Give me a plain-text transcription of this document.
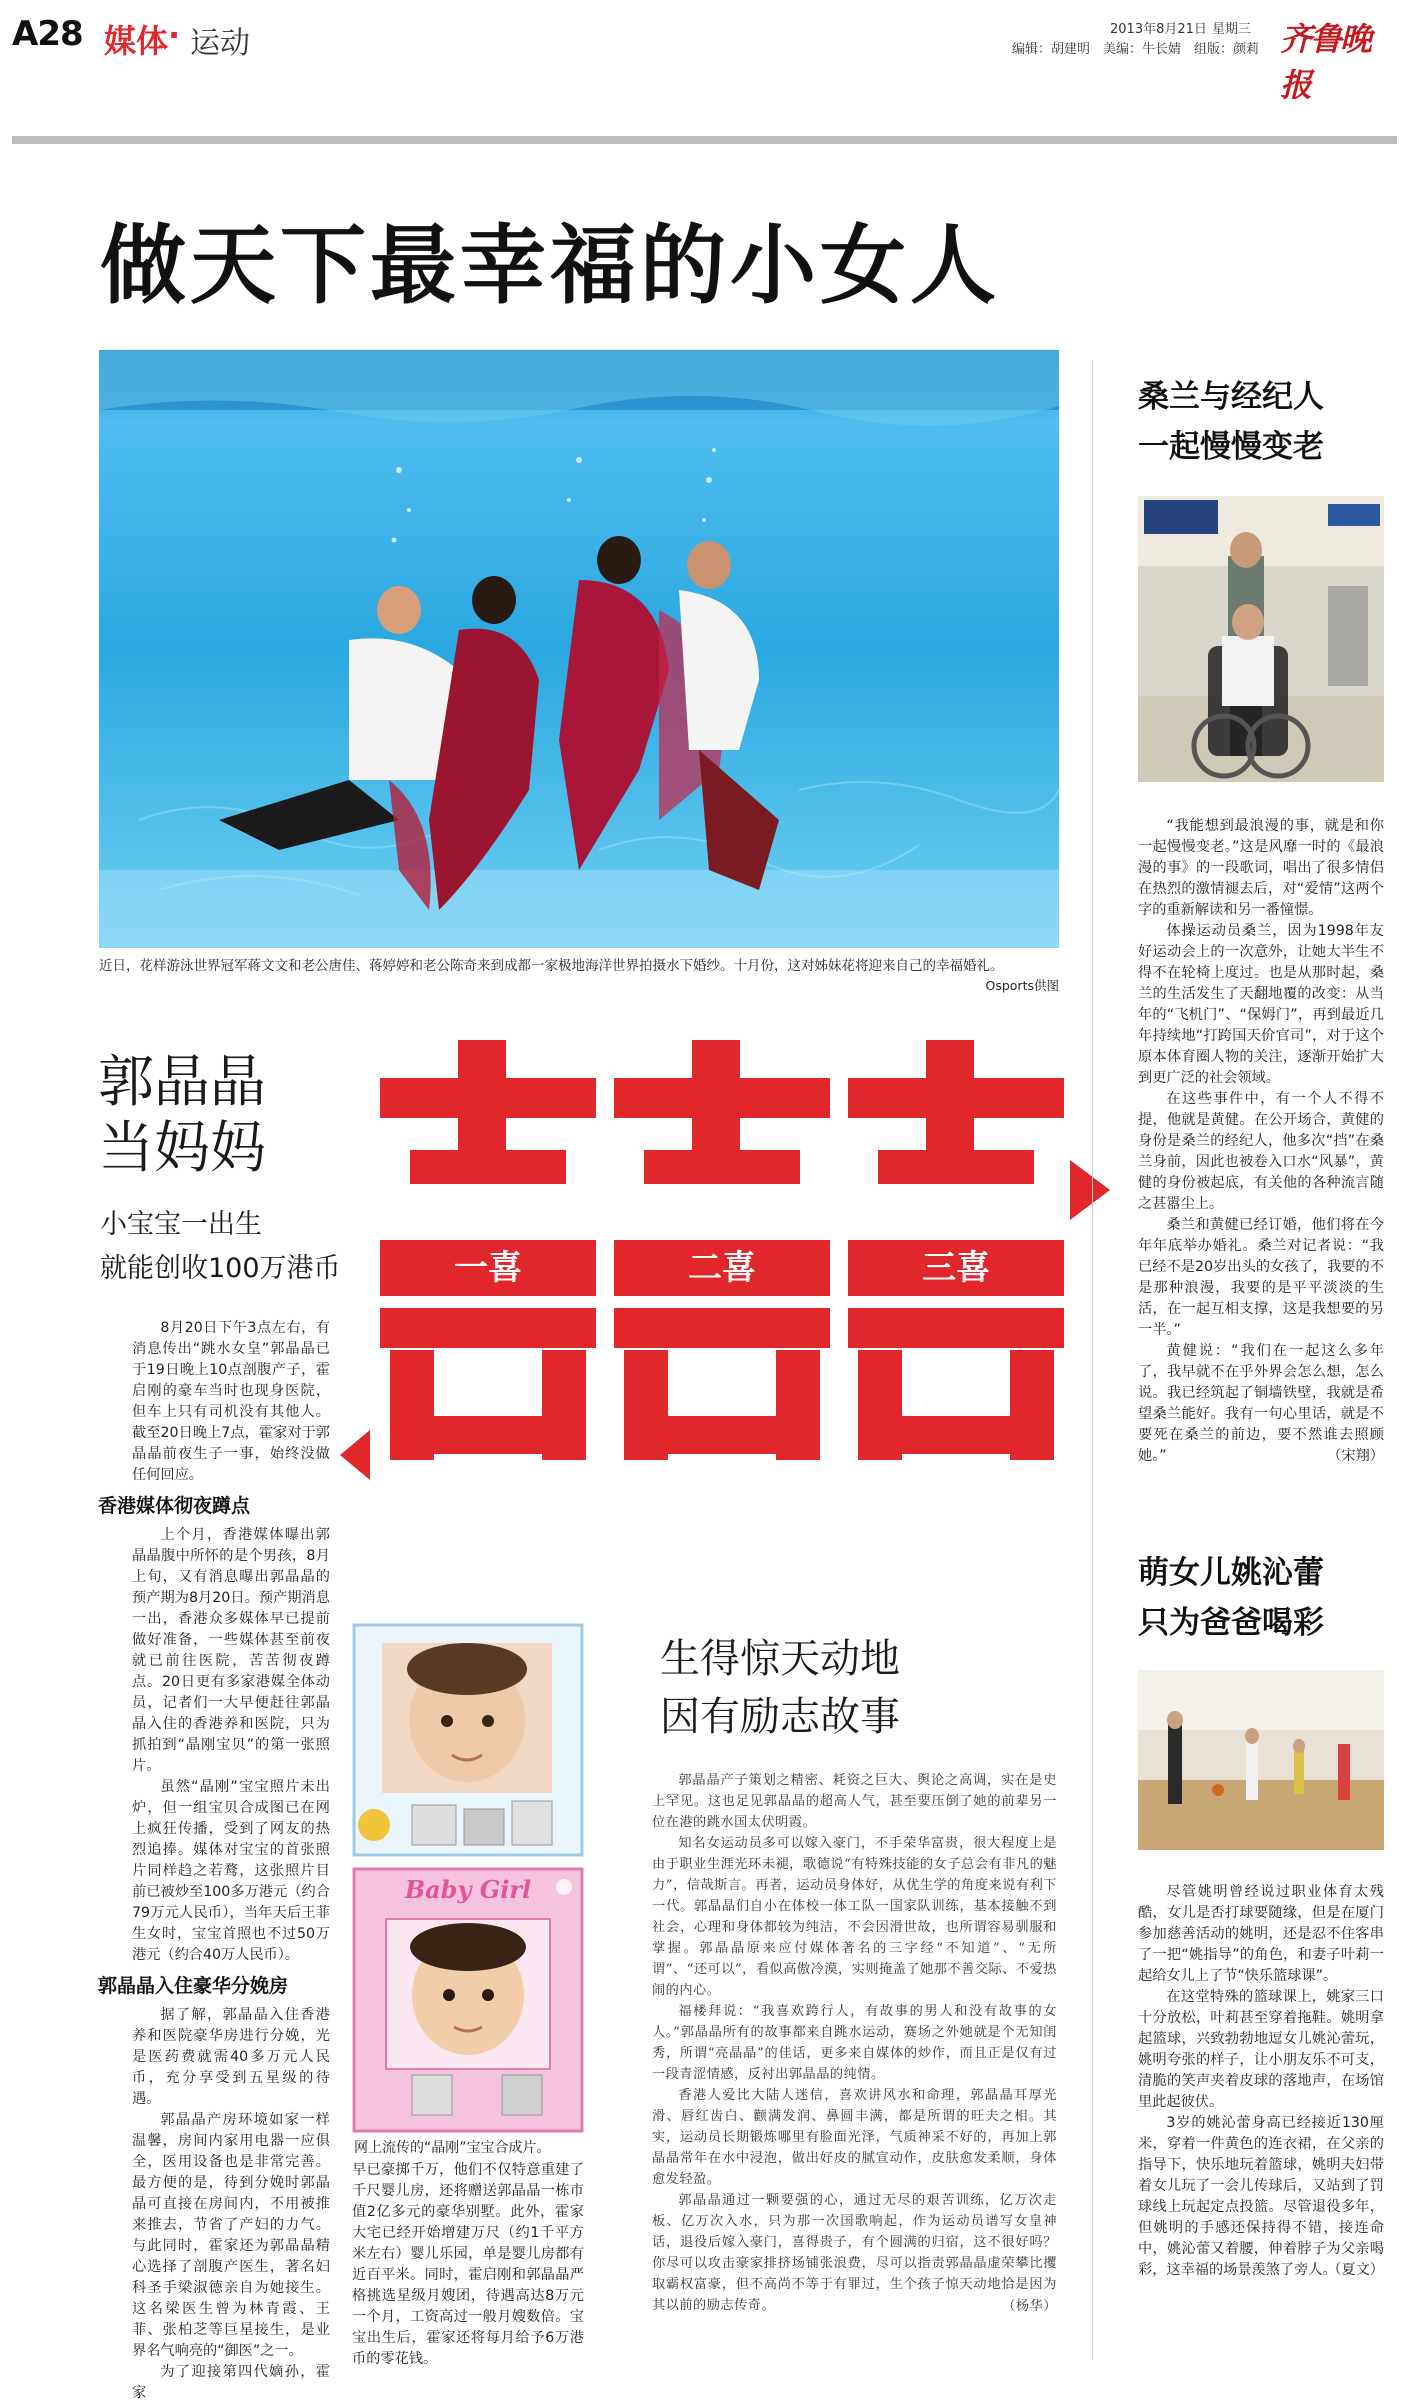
A28 媒体 · 运动	2013年8月21日 星期三
编辑：胡建明　美编：牛长婧　组版：颜莉 齐鲁晚报
做天下最幸福的小女人
近日，花样游泳世界冠军蒋文文和老公唐佳、蒋婷婷和老公陈奇来到成都一家极地海洋世界拍摄水下婚纱。十月份，这对姊妹花将迎来自己的幸福婚礼。
Osports供图
郭晶晶
当妈妈
小宝宝一出生
就能创收100万港币

8月20日下午3点左右，有消息传出“跳水女皇”郭晶晶已于19日晚上10点剖腹产子，霍启刚的豪车当时也现身医院，但车上只有司机没有其他人。截至20日晚上7点，霍家对于郭晶晶前夜生子一事，始终没做任何回应。

香港媒体彻夜蹲点

上个月，香港媒体曝出郭晶晶腹中所怀的是个男孩，8月上旬，又有消息曝出郭晶晶的预产期为8月20日。预产期消息一出，香港众多媒体早已提前做好准备，一些媒体甚至前夜就已前往医院，苦苦彻夜蹲点。20日更有多家港媒全体动员，记者们一大早便赶往郭晶晶入住的香港养和医院，只为抓拍到“晶刚宝贝”的第一张照片。

虽然“晶刚”宝宝照片未出炉，但一组宝贝合成图已在网上疯狂传播，受到了网友的热烈追捧。媒体对宝宝的首张照片同样趋之若鹜，这张照片目前已被炒至100多万港元（约合79万元人民币），当年天后王菲生女时，宝宝首照也不过50万港元（约合40万人民币）。

郭晶晶入住豪华分娩房

据了解，郭晶晶入住香港养和医院豪华房进行分娩，光是医药费就需40多万元人民币，充分享受到五星级的待遇。

郭晶晶产房环境如家一样温馨，房间内家用电器一应俱全，医用设备也是非常完善。最方便的是，待到分娩时郭晶晶可直接在房间内，不用被推来推去，节省了产妇的力气。与此同时，霍家还为郭晶晶精心选择了剖腹产医生，著名妇科圣手梁淑德亲自为她接生。这名梁医生曾为林青霞、王菲、张柏芝等巨星接生，是业界名气响亮的“御医”之一。

为了迎接第四代嫡孙，霍家

一喜	二喜	三喜
Baby Girl
网上流传的“晶刚”宝宝合成片。

早已豪掷千万，他们不仅特意重建了千尺婴儿房，还将赠送郭晶晶一栋市值2亿多元的豪华别墅。此外，霍家大宅已经开始增建万尺（约1千平方米左右）婴儿乐园，单是婴儿房都有近百平米。同时，霍启刚和郭晶晶严格挑选星级月嫂团，待遇高达8万元一个月，工资高过一般月嫂数倍。宝宝出生后，霍家还将每月给予6万港币的零花钱。

生得惊天动地
因有励志故事

郭晶晶产子策划之精密、耗资之巨大、舆论之高调，实在是史上罕见。这也足见郭晶晶的超高人气，甚至要压倒了她的前辈另一位在港的跳水国太伏明霞。

知名女运动员多可以嫁入豪门，不手荣华富贵，很大程度上是由于职业生涯光环未褪，歌德说“有特殊技能的女子总会有非凡的魅力”，信哉斯言。再者，运动员身体好，从优生学的角度来说有利下一代。郭晶晶们自小在体校一体工队一国家队训练，基本接触不到社会，心理和身体都较为纯洁，不会因滑世故，也所谓容易驯服和掌握。郭晶晶原来应付媒体著名的三字经“不知道”、“无所谓”、“还可以”，看似高傲冷漠，实则掩盖了她那不善交际、不爱热闹的内心。

福楼拜说：“我喜欢跨行人，有故事的男人和没有故事的女人。”郭晶晶所有的故事都来自跳水运动，赛场之外她就是个无知闺秀，所谓“亮晶晶”的佳话，更多来自媒体的炒作，而且正是仅有过一段青涩情感，反衬出郭晶晶的纯情。

香港人爱比大陆人迷信，喜欢讲风水和命理，郭晶晶耳厚光滑、唇红齿白、颧满发润、鼻圆丰满，都是所谓的旺夫之相。其实，运动员长期锻炼哪里有脸面光泽，气质神采不好的，再加上郭晶晶常年在水中浸泡，做出好皮的腻宣动作，皮肤愈发柔顺，身体愈发轻盈。

郭晶晶通过一颗要强的心，通过无尽的艰苦训练，亿万次走板、亿万次入水，只为那一次国歌响起，作为运动员谱写女皇神话，退役后嫁入豪门，喜得贵子，有个圆满的归宿，这不很好吗？你尽可以攻击豪家排挤场铺张浪费，尽可以指责郭晶晶虚荣攀比攫取霸权富豪，但不高尚不等于有罪过，生个孩子惊天动地恰是因为其以前的励志传奇。	（杨华）

桑兰与经纪人
一起慢慢变老

“我能想到最浪漫的事，就是和你一起慢慢变老。”这是风靡一时的《最浪漫的事》的一段歌词，唱出了很多情侣在热烈的激情褪去后，对“爱情”这两个字的重新解读和另一番憧憬。

体操运动员桑兰，因为1998年友好运动会上的一次意外，让她大半生不得不在轮椅上度过。也是从那时起，桑兰的生活发生了天翻地覆的改变：从当年的“飞机门”、“保姆门”，再到最近几年持续地“打跨国天价官司”，对于这个原本体育圈人物的关注，逐渐开始扩大到更广泛的社会领域。

在这些事件中，有一个人不得不提，他就是黄健。在公开场合，黄健的身份是桑兰的经纪人，他多次“挡”在桑兰身前，因此也被卷入口水“风暴”，黄健的身份被起底，有关他的各种流言随之甚嚣尘上。

桑兰和黄健已经订婚，他们将在今年年底举办婚礼。桑兰对记者说：“我已经不是20岁出头的女孩了，我要的不是那种浪漫，我要的是平平淡淡的生活，在一起互相支撑，这是我想要的另一半。”

黄健说：“我们在一起这么多年了，我早就不在乎外界会怎么想，怎么说。我已经筑起了铜墙铁壁，我就是希望桑兰能好。我有一句心里话，就是不要死在桑兰的前边，要不然谁去照顾她。”	（宋翔）

萌女儿姚沁蕾
只为爸爸喝彩

尽管姚明曾经说过职业体育太残酷，女儿是否打球要随缘，但是在厦门参加慈善活动的姚明，还是忍不住客串了一把“姚指导”的角色，和妻子叶莉一起给女儿上了节“快乐篮球课”。

在这堂特殊的篮球课上，姚家三口十分放松，叶莉甚至穿着拖鞋。姚明拿起篮球，兴致勃勃地逗女儿姚沁蕾玩，姚明夸张的样子，让小朋友乐不可支，清脆的笑声夹着皮球的落地声，在场馆里此起彼伏。

3岁的姚沁蕾身高已经接近130厘米，穿着一件黄色的连衣裙，在父亲的指导下，快乐地玩着篮球，姚明夫妇带着女儿玩了一会儿传球后，又站到了罚球线上玩起定点投篮。尽管退役多年，但姚明的手感还保持得不错，接连命中，姚沁蕾又着腰，伸着脖子为父亲喝彩，这幸福的场景羡煞了旁人。

（夏文）
